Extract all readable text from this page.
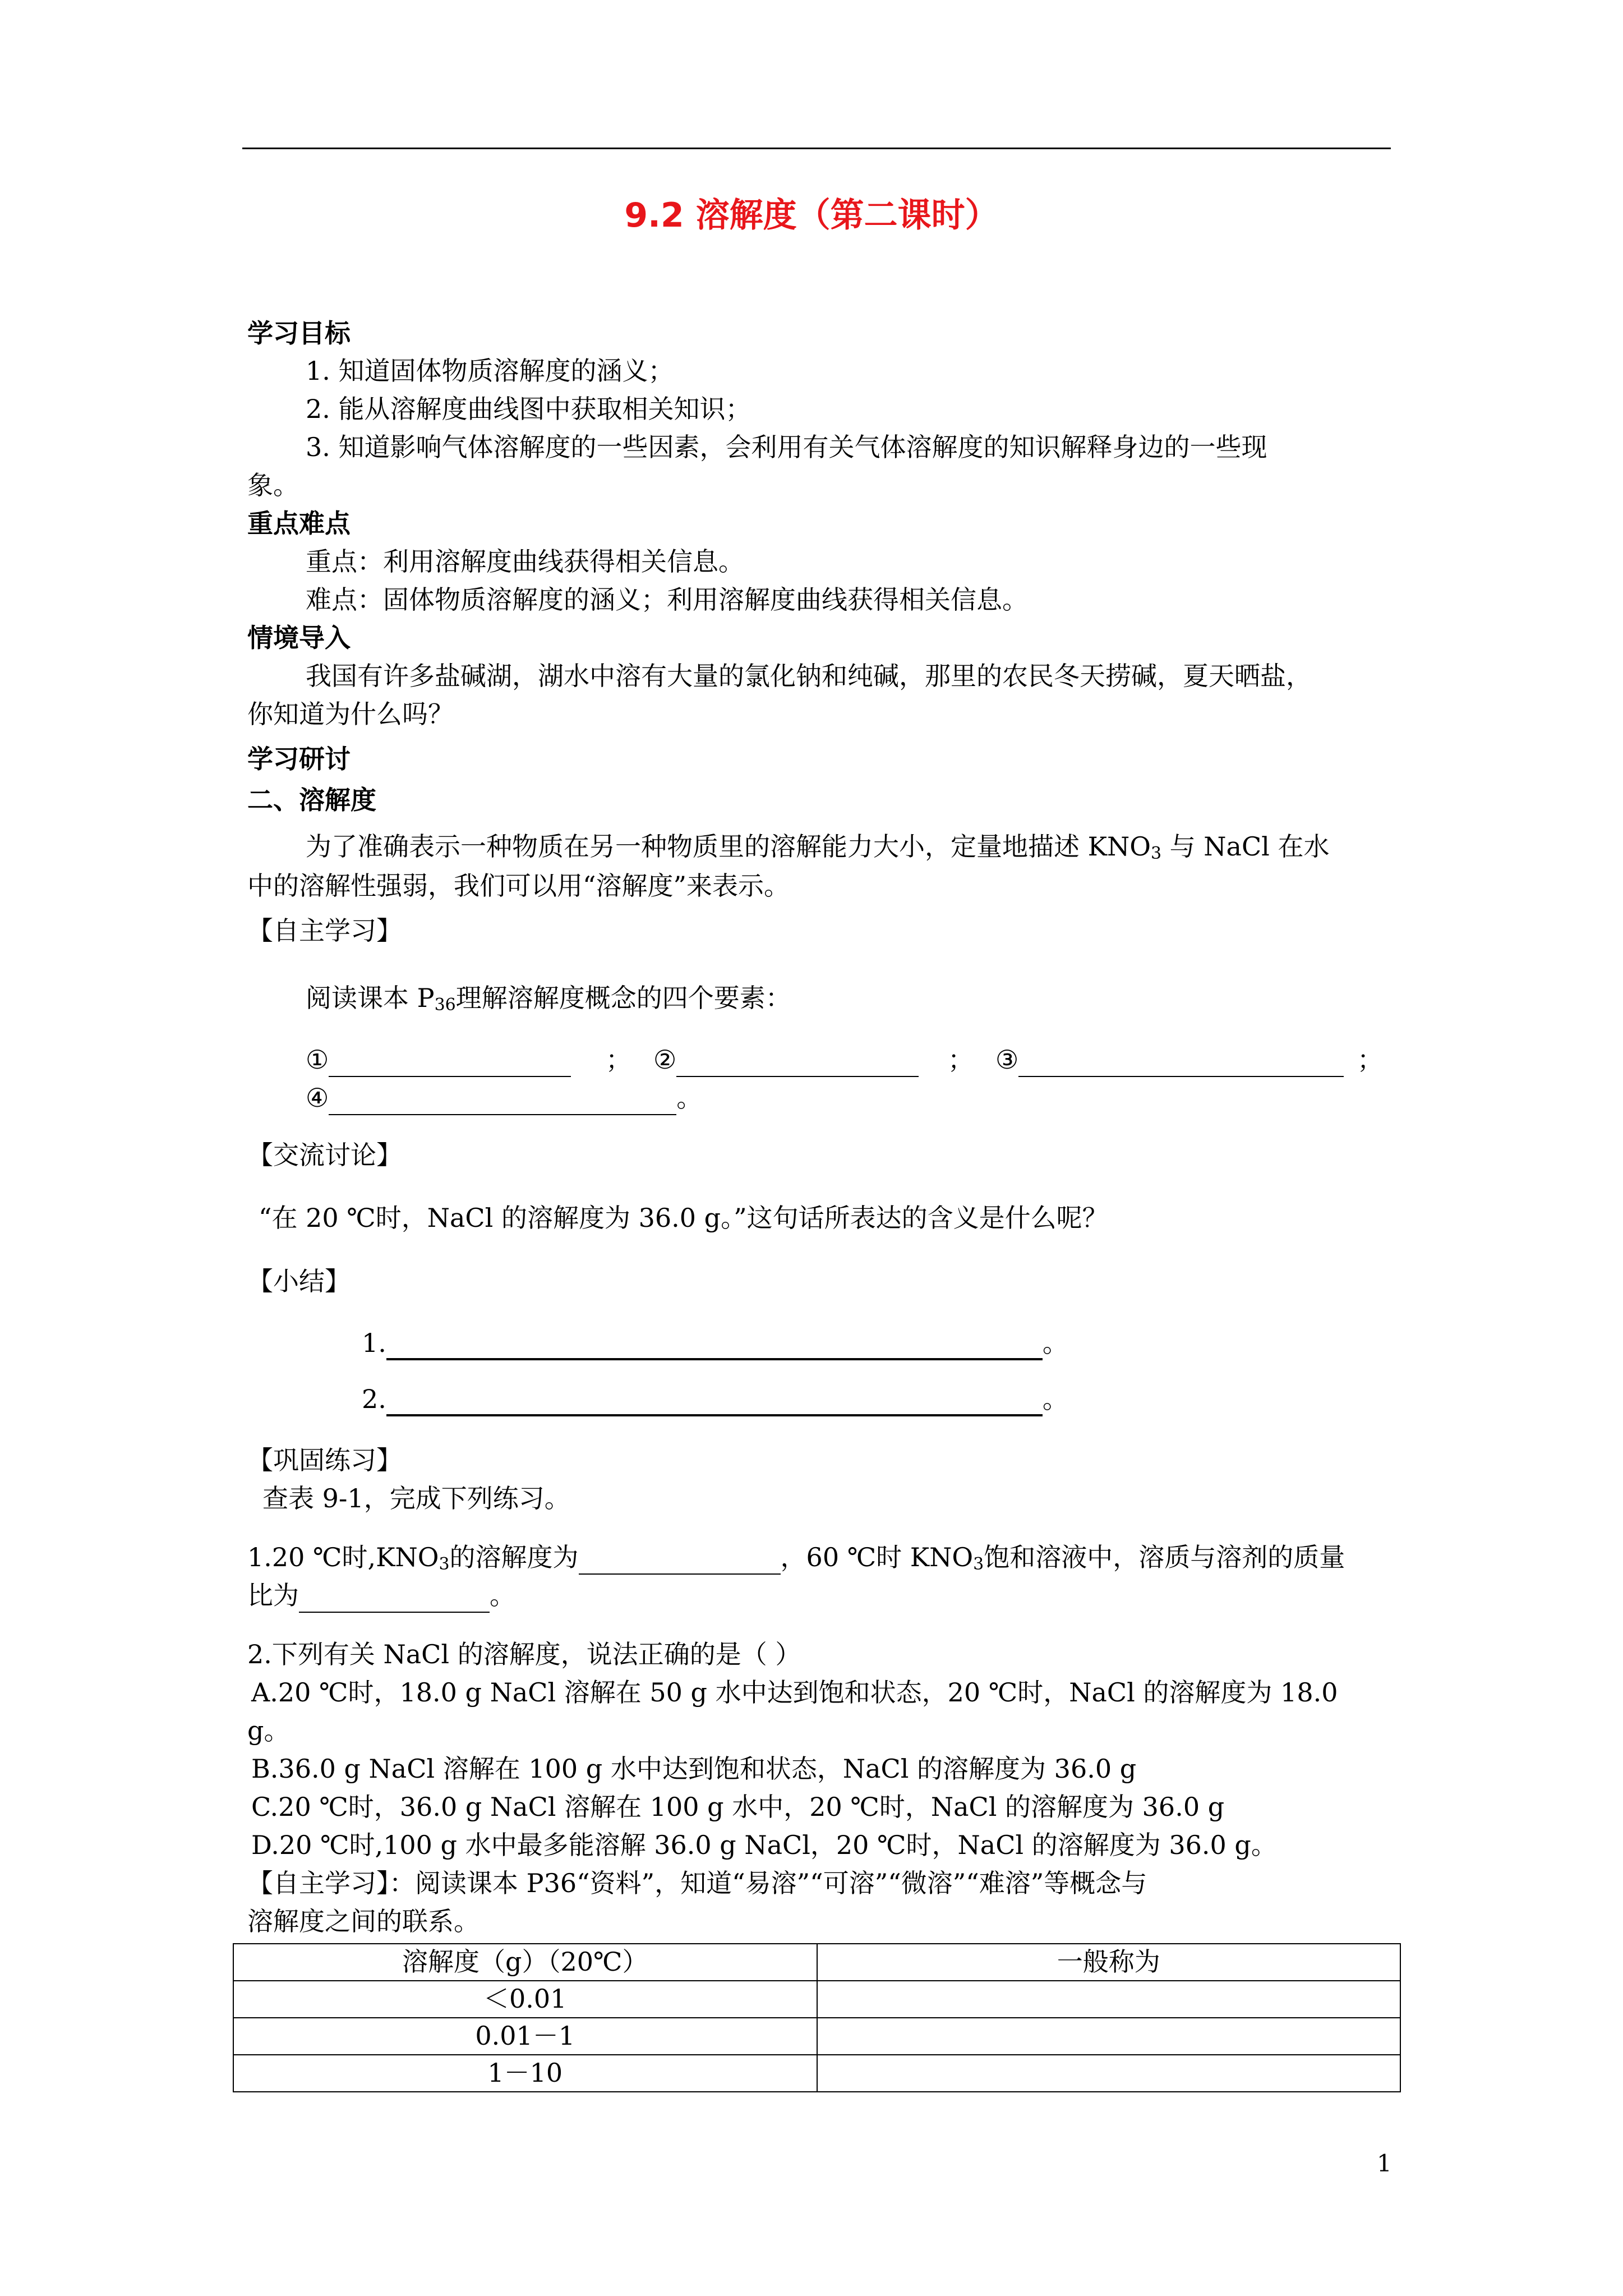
9.2 溶解度（第二课时）
学习目标
1. 知道固体物质溶解度的涵义；
2. 能从溶解度曲线图中获取相关知识；
3. 知道影响气体溶解度的一些因素，会利用有关气体溶解度的知识解释身边的一些现
象。
重点难点
重点：利用溶解度曲线获得相关信息。
难点：固体物质溶解度的涵义；利用溶解度曲线获得相关信息。
情境导入
我国有许多盐碱湖，湖水中溶有大量的氯化钠和纯碱，那里的农民冬天捞碱，夏天晒盐，
你知道为什么吗？
学习研讨
二、溶解度
为了准确表示一种物质在另一种物质里的溶解能力大小，定量地描述 $KNO_3$ 与 NaCl 在水
中的溶解性强弱，我们可以用“溶解度”来表示。
【自主学习】
阅读课本 $P_{36}$理解溶解度概念的四个要素：
①	； ②	； ③	；
④	。
【交流讨论】
“在 20 ℃时，NaCl 的溶解度为 36.0 g。”这句话所表达的含义是什么呢？
【小结】
1.	。
2.	。
【巩固练习】
查表 9-1，完成下列练习。
1.20 ℃时$,KNO_3$的溶解度为	，60 ℃时 $KNO_3$饱和溶液中，溶质与溶剂的质量
比为	。
2.下列有关 NaCl 的溶解度，说法正确的是（ ）
A.20 ℃时，18.0 g NaCl 溶解在 50 g 水中达到饱和状态，20 ℃时，NaCl 的溶解度为 18.0
g。
B.36.0 g NaCl 溶解在 100 g 水中达到饱和状态，NaCl 的溶解度为 36.0 g
C.20 ℃时，36.0 g NaCl 溶解在 100 g 水中，20 ℃时，NaCl 的溶解度为 36.0 g
D.20 ℃时,100 g 水中最多能溶解 36.0 g NaCl，20 ℃时，NaCl 的溶解度为 36.0 g。
【自主学习】：阅读课本 P36“资料”，知道“易溶”“可溶”“微溶”“难溶”等概念与
溶解度之间的联系。
溶解度（g）（20℃）	一般称为
＜0.01	
0.01－1	
1－10	
1
